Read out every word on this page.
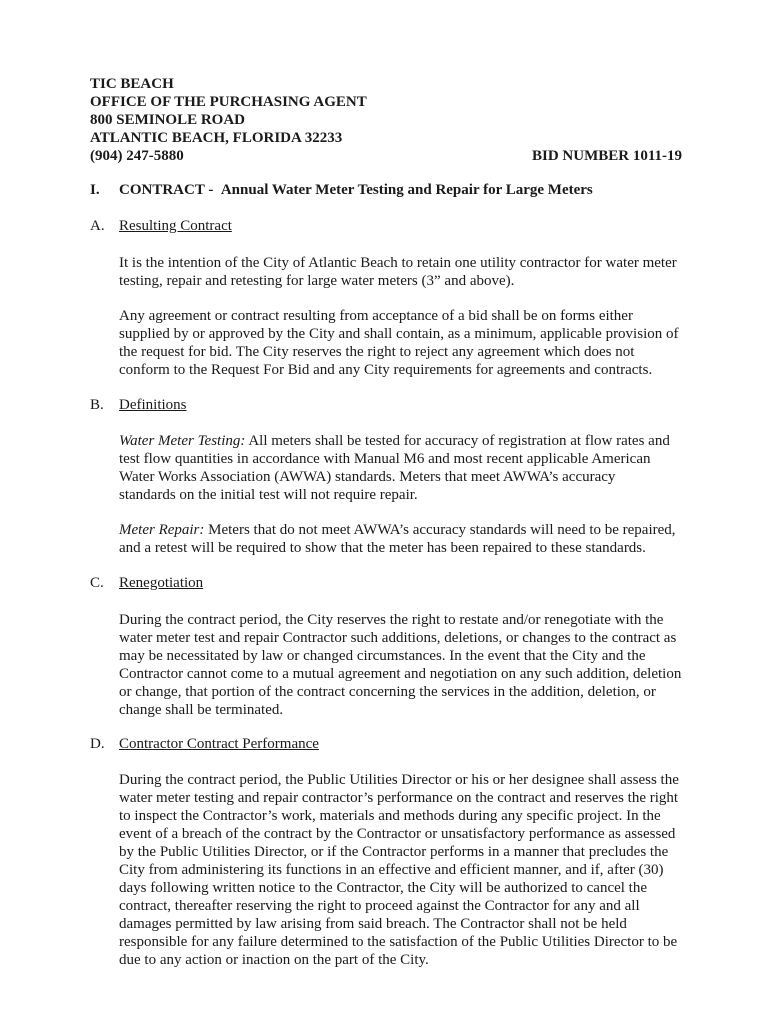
TIC BEACH
OFFICE OF THE PURCHASING AGENT
800 SEMINOLE ROAD
ATLANTIC BEACH, FLORIDA 32233
(904) 247-5880	BID NUMBER 1011-19
I. CONTRACT - Annual Water Meter Testing and Repair for Large Meters
A. Resulting Contract
It is the intention of the City of Atlantic Beach to retain one utility contractor for water meter
testing, repair and retesting for large water meters (3” and above).
Any agreement or contract resulting from acceptance of a bid shall be on forms either
supplied by or approved by the City and shall contain, as a minimum, applicable provision of
the request for bid. The City reserves the right to reject any agreement which does not
conform to the Request For Bid and any City requirements for agreements and contracts.
B. Definitions
Water Meter Testing: All meters shall be tested for accuracy of registration at flow rates and
test flow quantities in accordance with Manual M6 and most recent applicable American
Water Works Association (AWWA) standards. Meters that meet AWWA’s accuracy
standards on the initial test will not require repair.
Meter Repair: Meters that do not meet AWWA’s accuracy standards will need to be repaired,
and a retest will be required to show that the meter has been repaired to these standards.
C. Renegotiation
During the contract period, the City reserves the right to restate and/or renegotiate with the
water meter test and repair Contractor such additions, deletions, or changes to the contract as
may be necessitated by law or changed circumstances. In the event that the City and the
Contractor cannot come to a mutual agreement and negotiation on any such addition, deletion
or change, that portion of the contract concerning the services in the addition, deletion, or
change shall be terminated.
D. Contractor Contract Performance
During the contract period, the Public Utilities Director or his or her designee shall assess the
water meter testing and repair contractor’s performance on the contract and reserves the right
to inspect the Contractor’s work, materials and methods during any specific project. In the
event of a breach of the contract by the Contractor or unsatisfactory performance as assessed
by the Public Utilities Director, or if the Contractor performs in a manner that precludes the
City from administering its functions in an effective and efficient manner, and if, after (30)
days following written notice to the Contractor, the City will be authorized to cancel the
contract, thereafter reserving the right to proceed against the Contractor for any and all
damages permitted by law arising from said breach. The Contractor shall not be held
responsible for any failure determined to the satisfaction of the Public Utilities Director to be
due to any action or inaction on the part of the City.
